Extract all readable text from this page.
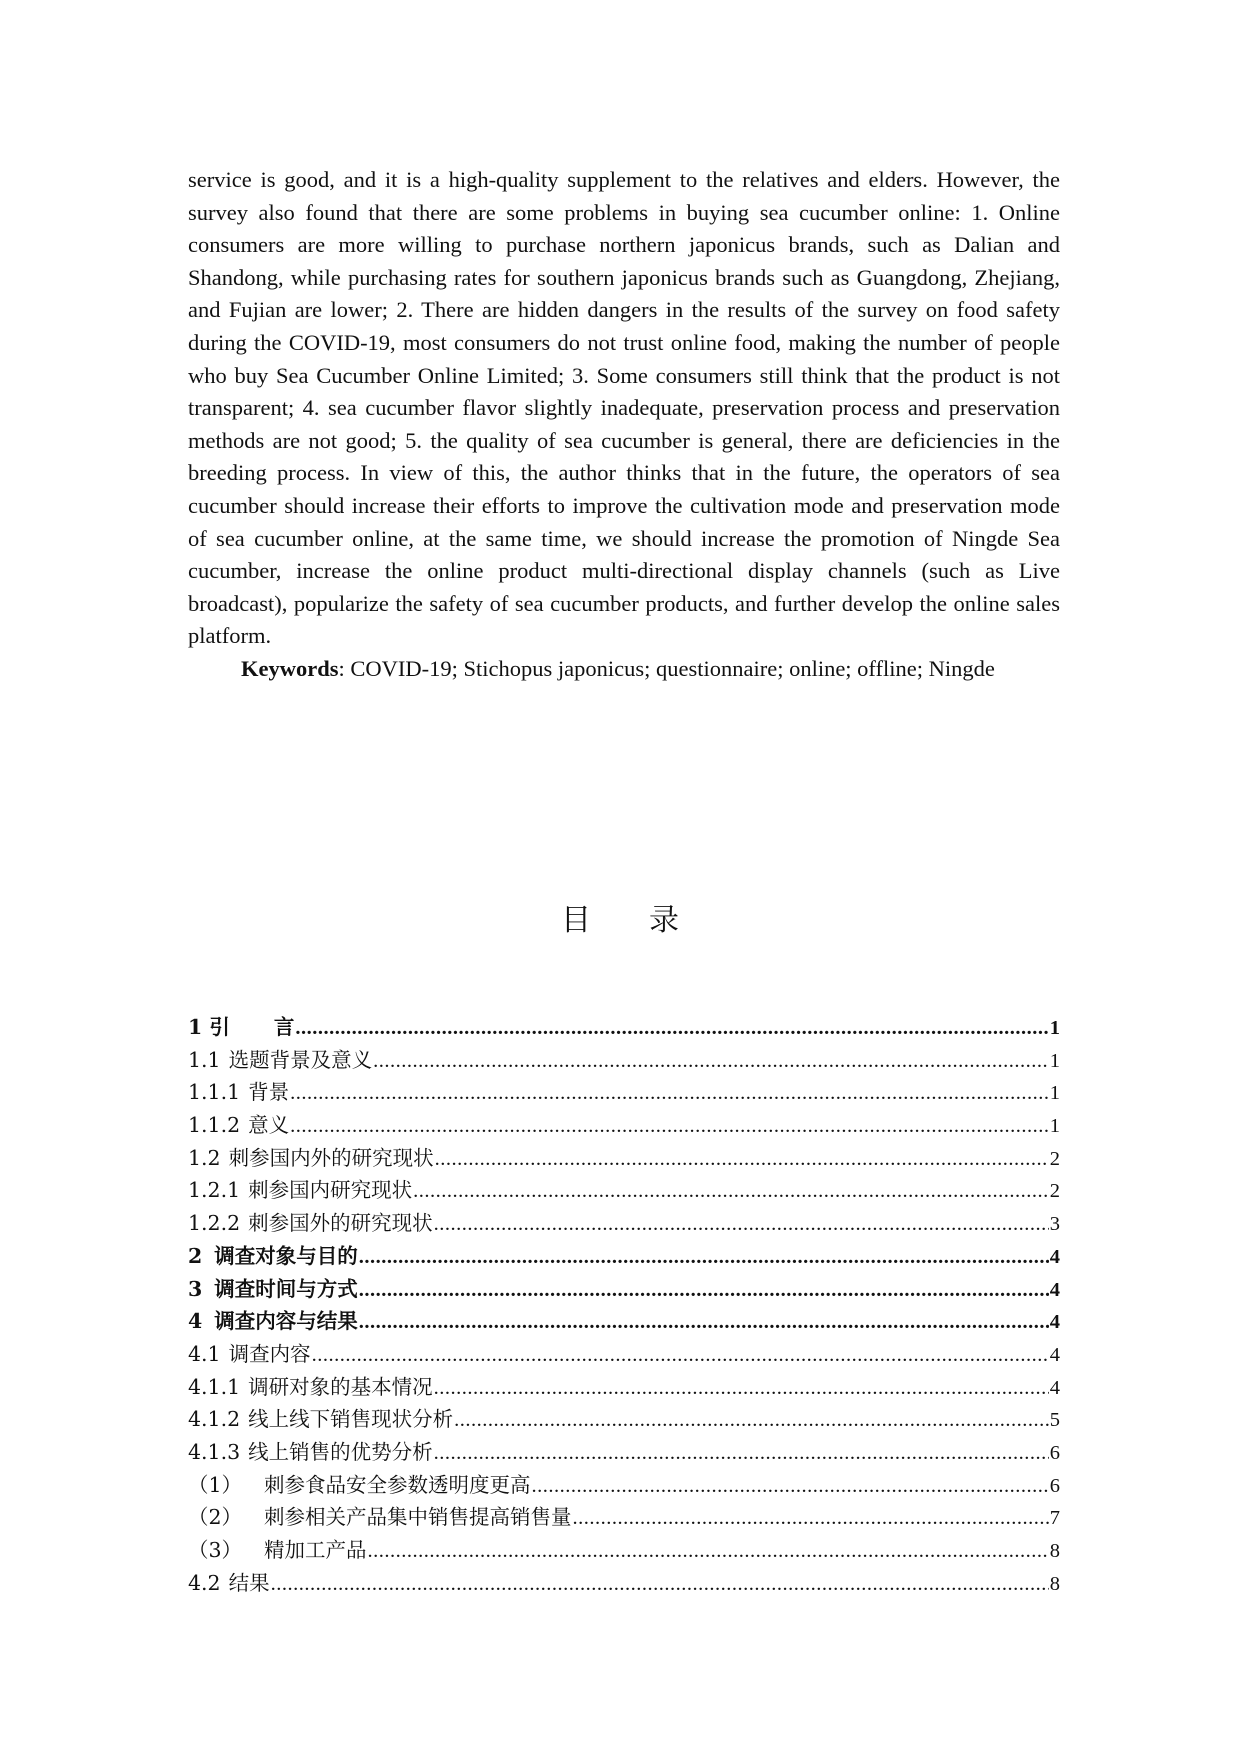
service is good, and it is a high-quality supplement to the relatives and elders. However, the survey also found that there are some problems in buying sea cucumber online: 1. Online consumers are more willing to purchase northern japonicus brands, such as Dalian and Shandong, while purchasing rates for southern japonicus brands such as Guangdong, Zhejiang, and Fujian are lower; 2. There are hidden dangers in the results of the survey on food safety during the COVID-19, most consumers do not trust online food, making the number of people who buy Sea Cucumber Online Limited; 3. Some consumers still think that the product is not transparent; 4. sea cucumber flavor slightly inadequate, preservation process and preservation methods are not good; 5. the quality of sea cucumber is general, there are deficiencies in the breeding process. In view of this, the author thinks that in the future, the operators of sea cucumber should increase their efforts to improve the cultivation mode and preservation mode of sea cucumber online, at the same time, we should increase the promotion of Ningde Sea cucumber, increase the online product multi-directional display channels (such as Live broadcast), popularize the safety of sea cucumber products, and further develop the online sales platform.

Keywords: COVID-19; Stichopus japonicus; questionnaire; online; offline; Ningde

目录
1 引 言 .....	1
1.1 选题背景及意义 .....	1
1.1.1 背景 .....	1
1.1.2 意义 .....	1
1.2 刺参国内外的研究现状 .....	2
1.2.1 刺参国内研究现状 .....	2
1.2.2 刺参国外的研究现状 .....	3
2 调查对象与目的 .....	4
3 调查时间与方式 .....	4
4 调查内容与结果 .....	4
4.1 调查内容 .....	4
4.1.1 调研对象的基本情况 .....	4
4.1.2 线上线下销售现状分析 .....	5
4.1.3 线上销售的优势分析 .....	6
（1） 刺参食品安全参数透明度更高 .....	6
（2） 刺参相关产品集中销售提高销售量 .....	7
（3） 精加工产品 .....	8
4.2 结果 .....	8
